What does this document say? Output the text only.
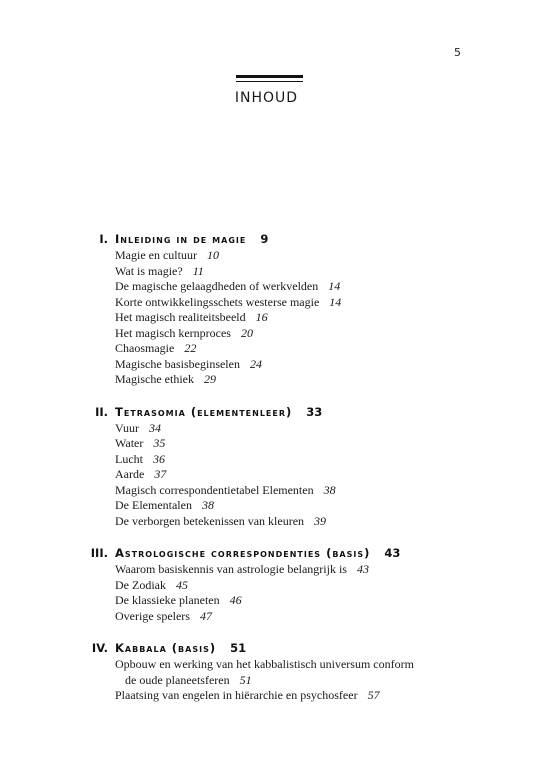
5
INHOUD
I. Inleiding in de magie 9
Magie en cultuur 10
Wat is magie? 11
De magische gelaagdheden of werkvelden 14
Korte ontwikkelingsschets westerse magie 14
Het magisch realiteitsbeeld 16
Het magisch kernproces 20
Chaosmagie 22
Magische basisbeginselen 24
Magische ethiek 29
II. Tetrasomia (elementenleer) 33
Vuur 34
Water 35
Lucht 36
Aarde 37
Magisch correspondentietabel Elementen 38
De Elementalen 38
De verborgen betekenissen van kleuren 39
III. Astrologische correspondenties (basis) 43
Waarom basiskennis van astrologie belangrijk is 43
De Zodiak 45
De klassieke planeten 46
Overige spelers 47
IV. Kabbala (basis) 51
Opbouw en werking van het kabbalistisch universum conform
de oude planeetsferen 51
Plaatsing van engelen in hiërarchie en psychosfeer 57
